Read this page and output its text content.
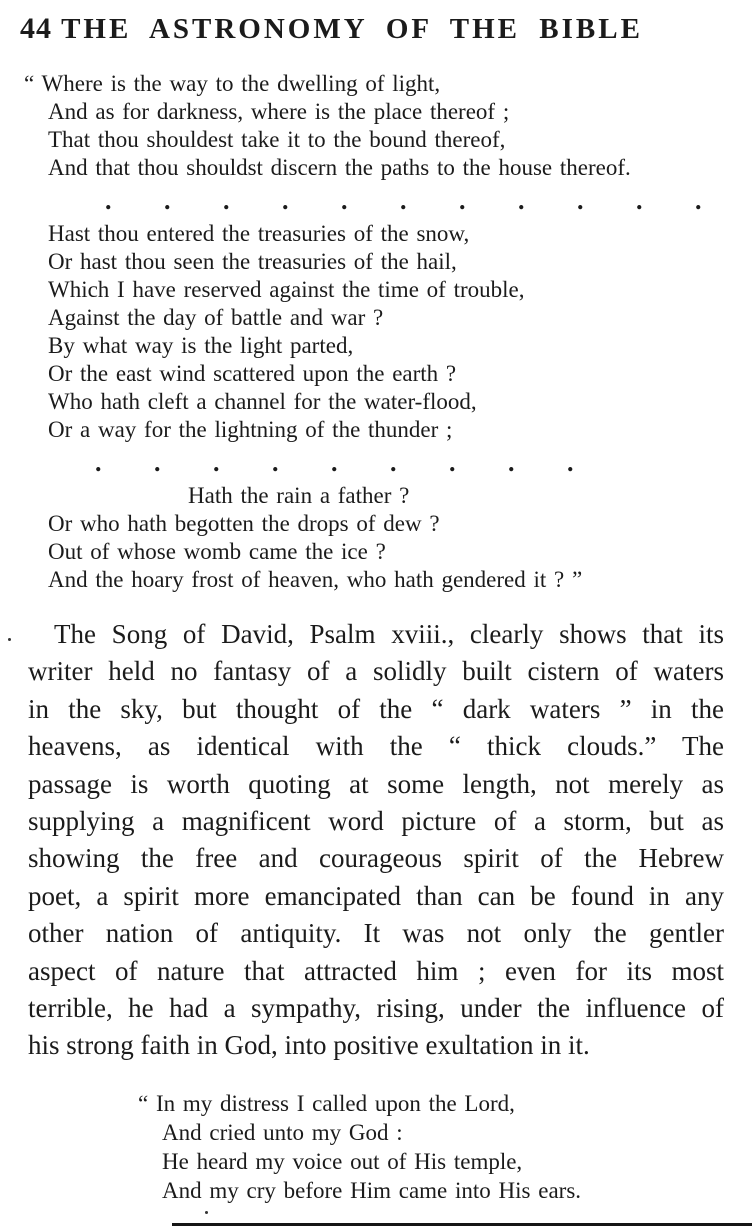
44 THE ASTRONOMY OF THE BIBLE
“ Where is the way to the dwelling of light,
And as for darkness, where is the place thereof ;
That thou shouldest take it to the bound thereof,
And that thou shouldst discern the paths to the house thereof.
. . . . . . . . . . .
Hast thou entered the treasuries of the snow,
Or hast thou seen the treasuries of the hail,
Which I have reserved against the time of trouble,
Against the day of battle and war ?
By what way is the light parted,
Or the east wind scattered upon the earth ?
Who hath cleft a channel for the water-flood,
Or a way for the lightning of the thunder ;
. . . . . . . . .
Hath the rain a father ?
Or who hath begotten the drops of dew ?
Out of whose womb came the ice ?
And the hoary frost of heaven, who hath gendered it ? ”
The Song of David, Psalm xviii., clearly shows that its
writer held no fantasy of a solidly built cistern of waters
in the sky, but thought of the “ dark waters ” in the
heavens, as identical with the “ thick clouds.” The
passage is worth quoting at some length, not merely as
supplying a magnificent word picture of a storm, but as
showing the free and courageous spirit of the Hebrew
poet, a spirit more emancipated than can be found in any
other nation of antiquity. It was not only the gentler
aspect of nature that attracted him ; even for its most
terrible, he had a sympathy, rising, under the influence of
his strong faith in God, into positive exultation in it.
“ In my distress I called upon the Lord,
And cried unto my God :
He heard my voice out of His temple,
And my cry before Him came into His ears.
